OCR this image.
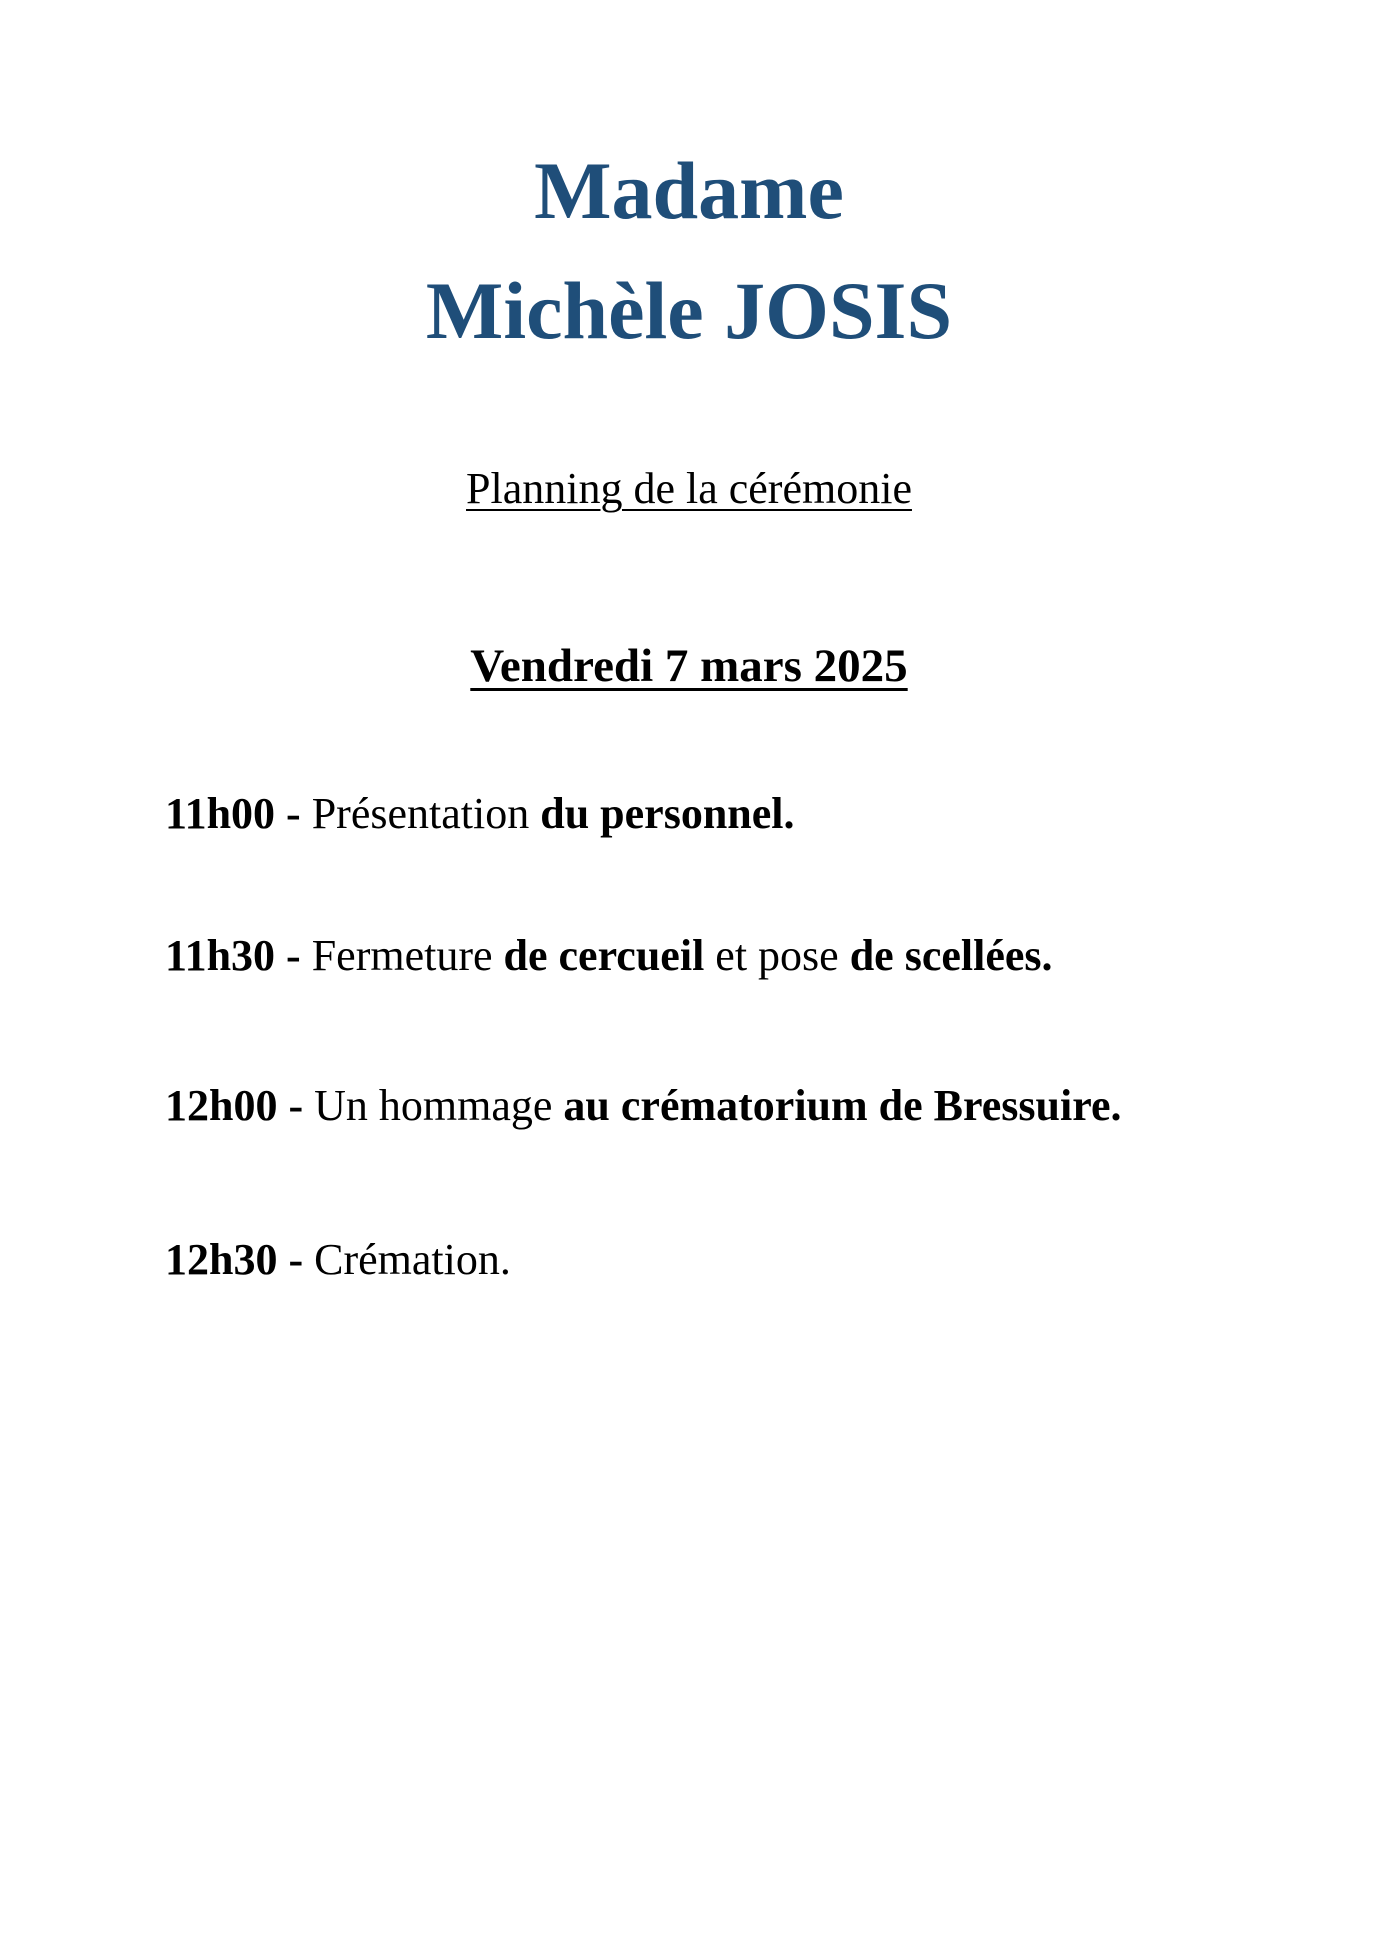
Madame
Michèle JOSIS

Planning de la cérémonie

Vendredi 7 mars 2025

11h00 - Présentation du personnel.
11h30 - Fermeture de cercueil et pose de scellées.
12h00 - Un hommage au crématorium de Bressuire.
12h30 - Crémation.
